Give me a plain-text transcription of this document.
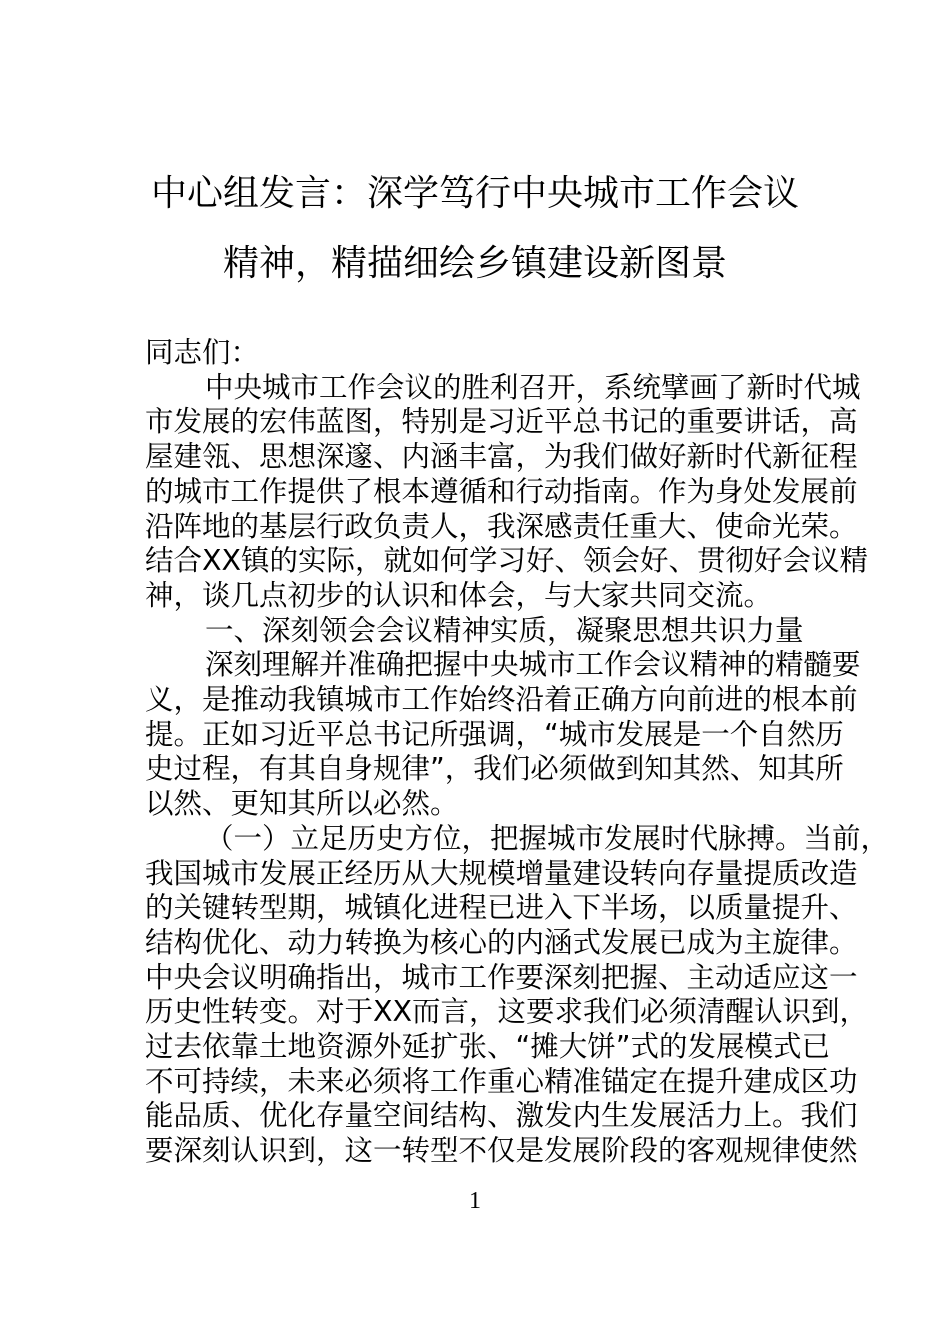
中心组发言：深学笃行中央城市工作会议
精神，精描细绘乡镇建设新图景
同志们：
中央城市工作会议的胜利召开，系统擘画了新时代城
市发展的宏伟蓝图，特别是习近平总书记的重要讲话，高
屋建瓴、思想深邃、内涵丰富，为我们做好新时代新征程
的城市工作提供了根本遵循和行动指南。作为身处发展前
沿阵地的基层行政负责人，我深感责任重大、使命光荣。
结合XX镇的实际，就如何学习好、领会好、贯彻好会议精
神，谈几点初步的认识和体会，与大家共同交流。
一、深刻领会会议精神实质，凝聚思想共识力量
深刻理解并准确把握中央城市工作会议精神的精髓要
义，是推动我镇城市工作始终沿着正确方向前进的根本前
提。正如习近平总书记所强调，“城市发展是一个自然历
史过程，有其自身规律”，我们必须做到知其然、知其所
以然、更知其所以必然。
（一）立足历史方位，把握城市发展时代脉搏。当前，
我国城市发展正经历从大规模增量建设转向存量提质改造
的关键转型期，城镇化进程已进入下半场，以质量提升、
结构优化、动力转换为核心的内涵式发展已成为主旋律。
中央会议明确指出，城市工作要深刻把握、主动适应这一
历史性转变。对于XX而言，这要求我们必须清醒认识到，
过去依靠土地资源外延扩张、“摊大饼”式的发展模式已
不可持续，未来必须将工作重心精准锚定在提升建成区功
能品质、优化存量空间结构、激发内生发展活力上。我们
要深刻认识到，这一转型不仅是发展阶段的客观规律使然
1
